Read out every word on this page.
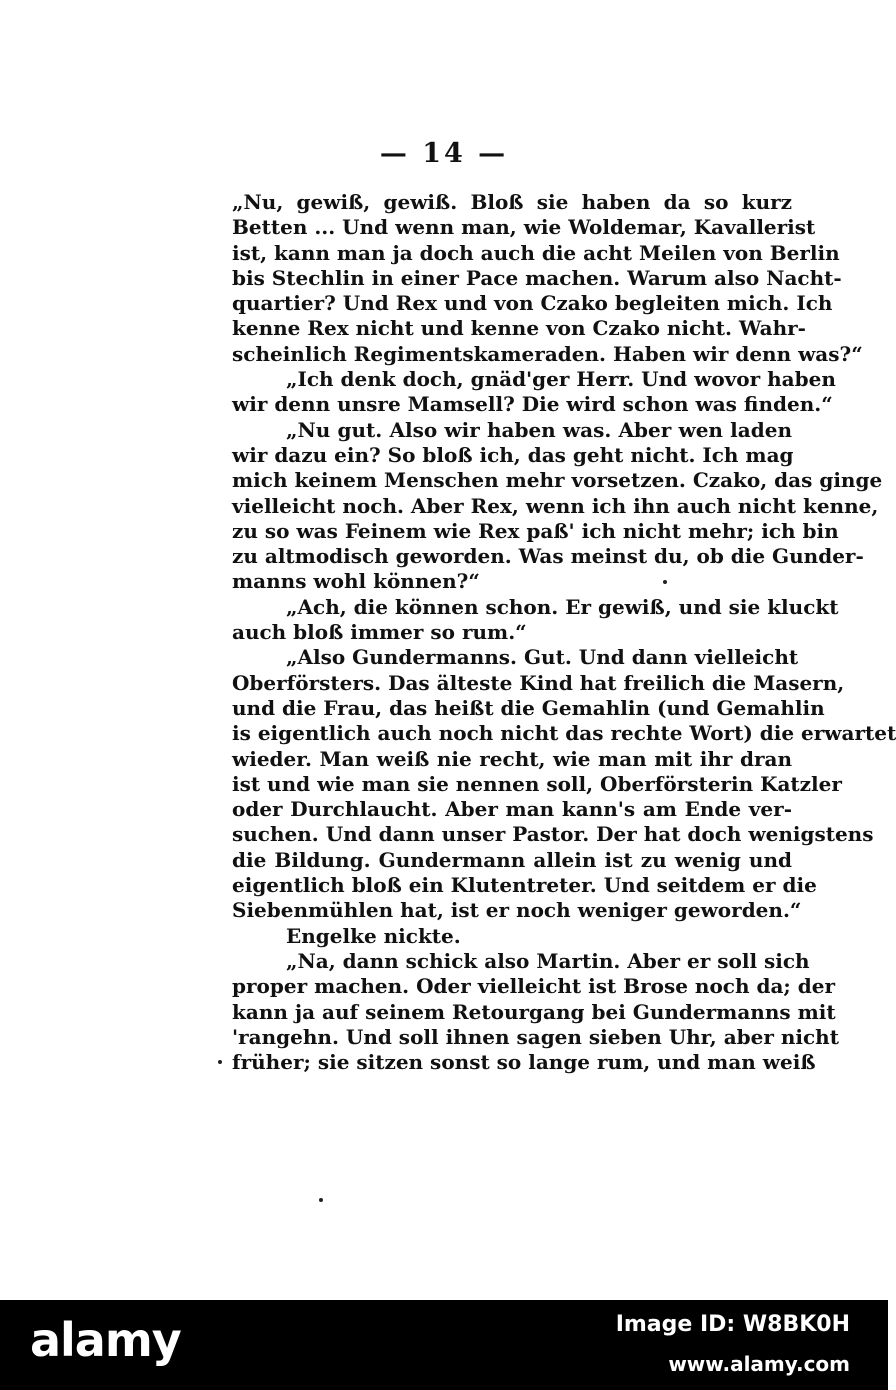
— 14 —
„Nu, gewiß, gewiß. Bloß sie haben da so kurz
Betten ... Und wenn man, wie Woldemar, Kavallerist
ist, kann man ja doch auch die acht Meilen von Berlin
bis Stechlin in einer Pace machen. Warum also Nacht-
quartier? Und Rex und von Czako begleiten mich. Ich
kenne Rex nicht und kenne von Czako nicht. Wahr-
scheinlich Regimentskameraden. Haben wir denn was?“
„Ich denk doch, gnäd'ger Herr. Und wovor haben
wir denn unsre Mamsell? Die wird schon was finden.“
„Nu gut. Also wir haben was. Aber wen laden
wir dazu ein? So bloß ich, das geht nicht. Ich mag
mich keinem Menschen mehr vorsetzen. Czako, das ginge
vielleicht noch. Aber Rex, wenn ich ihn auch nicht kenne,
zu so was Feinem wie Rex paß' ich nicht mehr; ich bin
zu altmodisch geworden. Was meinst du, ob die Gunder-
manns wohl können?“
„Ach, die können schon. Er gewiß, und sie kluckt
auch bloß immer so rum.“
„Also Gundermanns. Gut. Und dann vielleicht
Oberförsters. Das älteste Kind hat freilich die Masern,
und die Frau, das heißt die Gemahlin (und Gemahlin
is eigentlich auch noch nicht das rechte Wort) die erwartet
wieder. Man weiß nie recht, wie man mit ihr dran
ist und wie man sie nennen soll, Oberförsterin Katzler
oder Durchlaucht. Aber man kann's am Ende ver-
suchen. Und dann unser Pastor. Der hat doch wenigstens
die Bildung. Gundermann allein ist zu wenig und
eigentlich bloß ein Klutentreter. Und seitdem er die
Siebenmühlen hat, ist er noch weniger geworden.“
Engelke nickte.
„Na, dann schick also Martin. Aber er soll sich
proper machen. Oder vielleicht ist Brose noch da; der
kann ja auf seinem Retourgang bei Gundermanns mit
'rangehn. Und soll ihnen sagen sieben Uhr, aber nicht
früher; sie sitzen sonst so lange rum, und man weiß
alamy	Image ID: W8BK0H
www.alamy.com
